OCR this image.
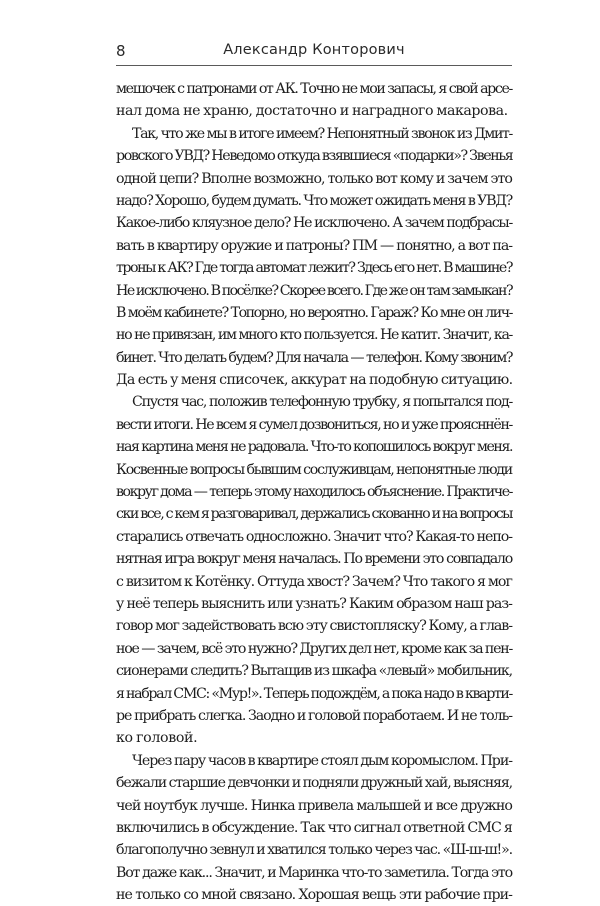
8	Александр Конторович
мешочек с патронами от АК. Точно не мои запасы, я свой арсе-
нал дома не храню, достаточно и наградного макарова.
Так, что же мы в итоге имеем? Непонятный звонок из Дмит-
ровского УВД? Неведомо откуда взявшиеся «подарки»? Звенья
одной цепи? Вполне возможно, только вот кому и зачем это
надо? Хорошо, будем думать. Что может ожидать меня в УВД?
Какое-либо кляузное дело? Не исключено. А зачем подбрасы-
вать в квартиру оружие и патроны? ПМ — понятно, а вот па-
троны к АК? Где тогда автомат лежит? Здесь его нет. В машине?
Не исключено. В посёлке? Скорее всего. Где же он там замыкан?
В моём кабинете? Топорно, но вероятно. Гараж? Ко мне он лич-
но не привязан, им много кто пользуется. Не катит. Значит, ка-
бинет. Что делать будем? Для начала — телефон. Кому звоним?
Да есть у меня списочек, аккурат на подобную ситуацию.
Спустя час, положив телефонную трубку, я попытался под-
вести итоги. Не всем я сумел дозвониться, но и уже проясннён-
ная картина меня не радовала. Что-то копошилось вокруг меня.
Косвенные вопросы бывшим сослуживцам, непонятные люди
вокруг дома — теперь этому находилось объяснение. Практиче-
ски все, с кем я разговаривал, держались скованно и на вопросы
старались отвечать односложно. Значит что? Какая-то непо-
нятная игра вокруг меня началась. По времени это совпадало
с визитом к Котёнку. Оттуда хвост? Зачем? Что такого я мог
у неё теперь выяснить или узнать? Каким образом наш раз-
говор мог задействовать всю эту свистопляску? Кому, а глав-
ное — зачем, всё это нужно? Других дел нет, кроме как за пен-
сионерами следить? Вытащив из шкафа «левый» мобильник,
я набрал СМС: «Мур!». Теперь подождём, а пока надо в кварти-
ре прибрать слегка. Заодно и головой поработаем. И не толь-
ко головой.
Через пару часов в квартире стоял дым коромыслом. При-
бежали старшие девчонки и подняли дружный хай, выясняя,
чей ноутбук лучше. Нинка привела малышей и все дружно
включились в обсуждение. Так что сигнал ответной СМС я
благополучно зевнул и хватился только через час. «Ш-ш-ш!».
Вот даже как... Значит, и Маринка что-то заметила. Тогда это
не только со мной связано. Хорошая вещь эти рабочие при-
